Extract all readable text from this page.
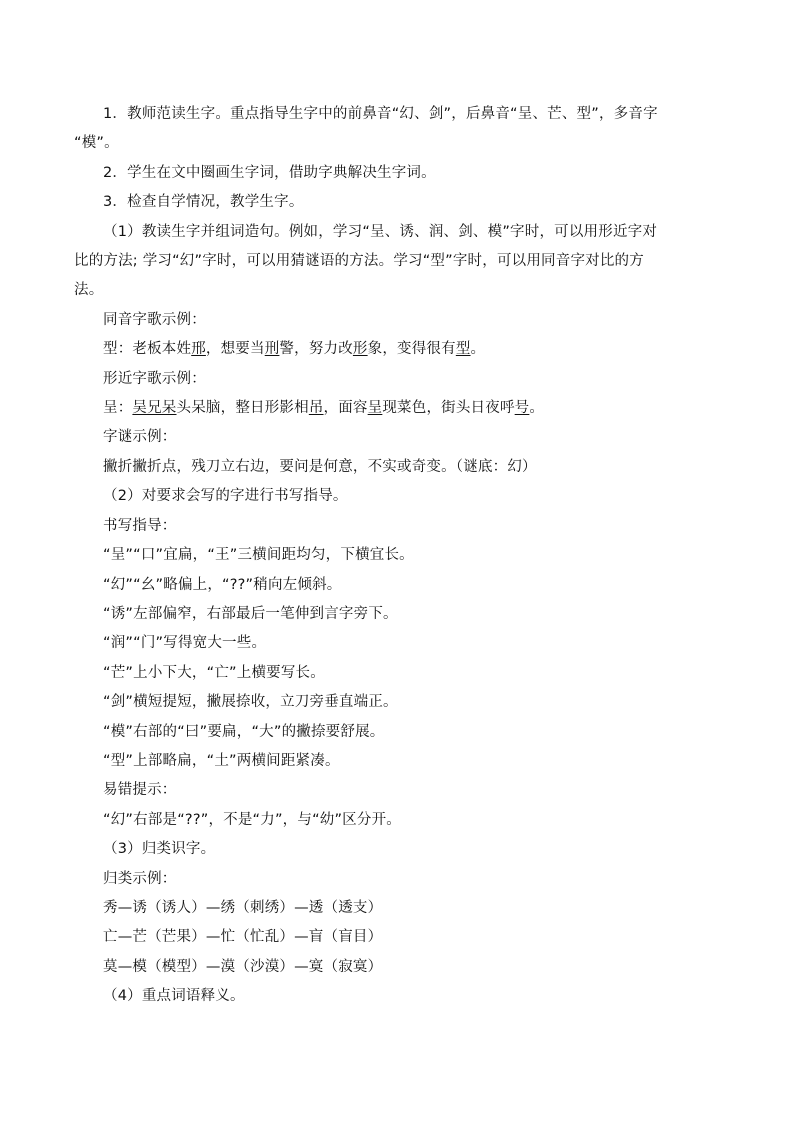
1．教师范读生字。重点指导生字中的前鼻音“幻、剑”，后鼻音“呈、芒、型”，多音字
“模”。
2．学生在文中圈画生字词，借助字典解决生字词。
3．检查自学情况，教学生字。
（1）教读生字并组词造句。例如，学习“呈、诱、润、剑、模”字时，可以用形近字对
比的方法; 学习“幻”字时，可以用猜谜语的方法。学习“型”字时，可以用同音字对比的方
法。
同音字歌示例：
型：老板本姓邢，想要当刑警，努力改形象，变得很有型。
形近字歌示例：
呈：吴兄呆头呆脑，整日形影相吊，面容呈现菜色，街头日夜呼号。
字谜示例：
撇折撇折点，残刀立右边，要问是何意，不实或奇变。（谜底：幻）
（2）对要求会写的字进行书写指导。
书写指导：
“呈”“口”宜扁，“王”三横间距均匀，下横宜长。
“幻”“幺”略偏上，“??”稍向左倾斜。
“诱”左部偏窄，右部最后一笔伸到言字旁下。
“润”“门”写得宽大一些。
“芒”上小下大，“亡”上横要写长。
“剑”横短提短，撇展捺收，立刀旁垂直端正。
“模”右部的“曰”要扁，“大”的撇捺要舒展。
“型”上部略扁，“土”两横间距紧凑。
易错提示：
“幻”右部是“??”，不是“力”，与“幼”区分开。
（3）归类识字。
归类示例：
秀—诱（诱人）—绣（刺绣）—透（透支）
亡—芒（芒果）—忙（忙乱）—盲（盲目）
莫—模（模型）—漠（沙漠）—寞（寂寞）
（4）重点词语释义。
